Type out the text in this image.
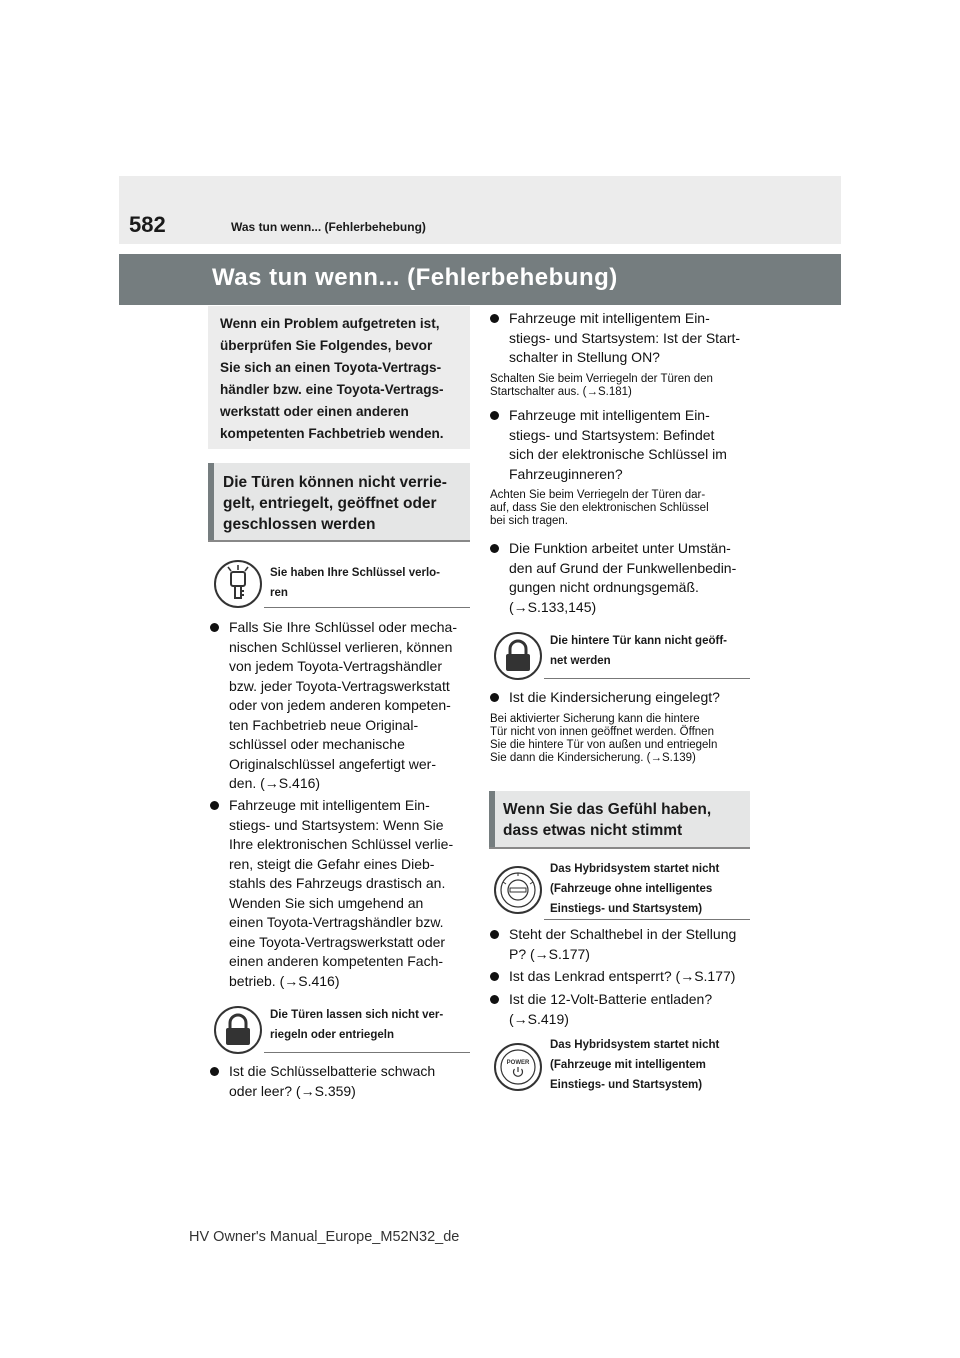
582	Was tun wenn... (Fehlerbehebung)
Was tun wenn... (Fehlerbehebung)
Wenn ein Problem aufgetreten ist,
überprüfen Sie Folgendes, bevor
Sie sich an einen Toyota-Vertrags-
händler bzw. eine Toyota-Vertrags-
werkstatt oder einen anderen
kompetenten Fachbetrieb wenden.
Die Türen können nicht verrie-
gelt, entriegelt, geöffnet oder
geschlossen werden
Sie haben Ihre Schlüssel verlo-
ren
Falls Sie Ihre Schlüssel oder mecha-
nischen Schlüssel verlieren, können
von jedem Toyota-Vertragshändler
bzw. jeder Toyota-Vertragswerkstatt
oder von jedem anderen kompeten-
ten Fachbetrieb neue Original-
schlüssel oder mechanische
Originalschlüssel angefertigt wer-
den. (→S.416)
Fahrzeuge mit intelligentem Ein-
stiegs- und Startsystem: Wenn Sie
Ihre elektronischen Schlüssel verlie-
ren, steigt die Gefahr eines Dieb-
stahls des Fahrzeugs drastisch an.
Wenden Sie sich umgehend an
einen Toyota-Vertragshändler bzw.
eine Toyota-Vertragswerkstatt oder
einen anderen kompetenten Fach-
betrieb. (→S.416)
Die Türen lassen sich nicht ver-
riegeln oder entriegeln
Ist die Schlüsselbatterie schwach
oder leer? (→S.359)
Fahrzeuge mit intelligentem Ein-
stiegs- und Startsystem: Ist der Start-
schalter in Stellung ON?
Schalten Sie beim Verriegeln der Türen den
Startschalter aus. (→S.181)
Fahrzeuge mit intelligentem Ein-
stiegs- und Startsystem: Befindet
sich der elektronische Schlüssel im
Fahrzeuginneren?
Achten Sie beim Verriegeln der Türen dar-
auf, dass Sie den elektronischen Schlüssel
bei sich tragen.
Die Funktion arbeitet unter Umstän-
den auf Grund der Funkwellenbedin-
gungen nicht ordnungsgemäß.
(→S.133,145)
Die hintere Tür kann nicht geöff-
net werden
Ist die Kindersicherung eingelegt?
Bei aktivierter Sicherung kann die hintere
Tür nicht von innen geöffnet werden. Öffnen
Sie die hintere Tür von außen und entriegeln
Sie dann die Kindersicherung. (→S.139)
Wenn Sie das Gefühl haben,
dass etwas nicht stimmt
Das Hybridsystem startet nicht
(Fahrzeuge ohne intelligentes
Einstiegs- und Startsystem)
Steht der Schalthebel in der Stellung
P? (→S.177)
Ist das Lenkrad entsperrt? (→S.177)
Ist die 12-Volt-Batterie entladen?
(→S.419)
POWER
Das Hybridsystem startet nicht
(Fahrzeuge mit intelligentem
Einstiegs- und Startsystem)
HV Owner's Manual_Europe_M52N32_de
